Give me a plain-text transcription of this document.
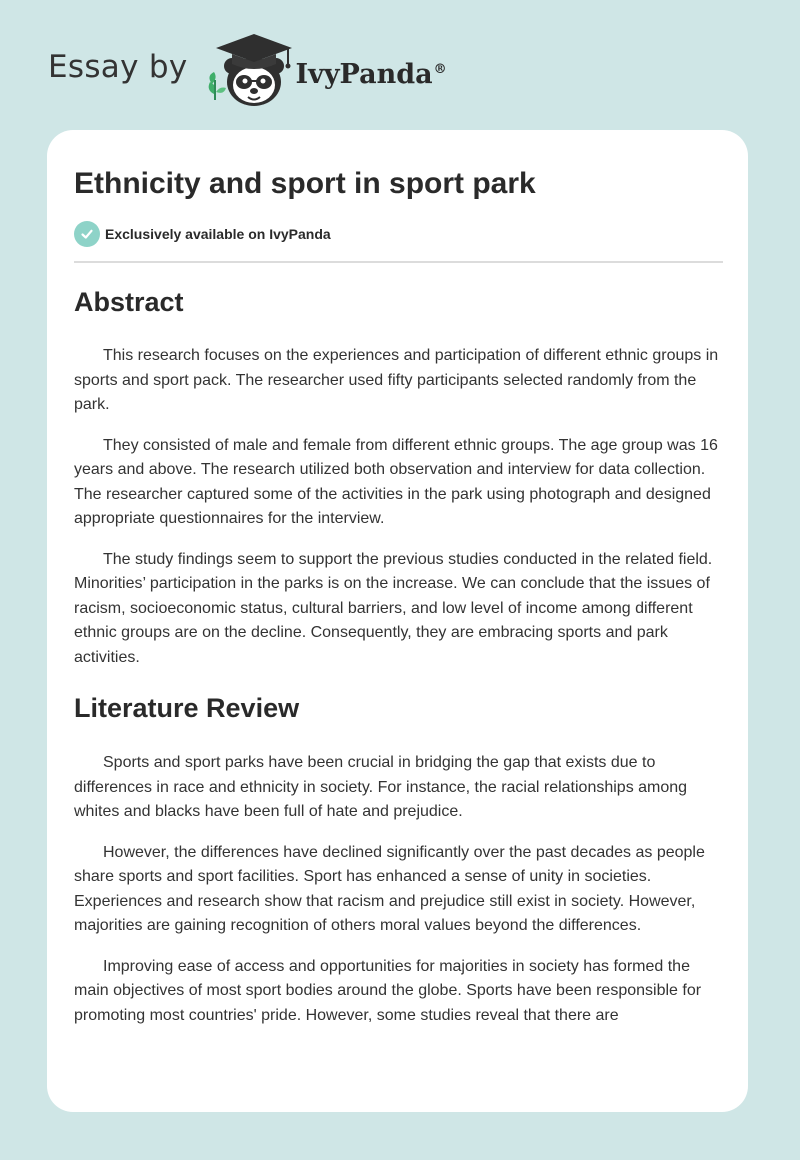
Essay by	IvyPanda®
Ethnicity and sport in sport park
Exclusively available on IvyPanda
Abstract

This research focuses on the experiences and participation of different ethnic groups in sports and sport pack. The researcher used fifty participants selected randomly from the park.

They consisted of male and female from different ethnic groups. The age group was 16 years and above. The research utilized both observation and interview for data collection. The researcher captured some of the activities in the park using photograph and designed appropriate questionnaires for the interview.

The study findings seem to support the previous studies conducted in the related field. Minorities’ participation in the parks is on the increase. We can conclude that the issues of racism, socioeconomic status, cultural barriers, and low level of income among different ethnic groups are on the decline. Consequently, they are embracing sports and park activities.

Literature Review

Sports and sport parks have been crucial in bridging the gap that exists due to differences in race and ethnicity in society. For instance, the racial relationships among whites and blacks have been full of hate and prejudice.

However, the differences have declined significantly over the past decades as people share sports and sport facilities. Sport has enhanced a sense of unity in societies. Experiences and research show that racism and prejudice still exist in society. However, majorities are gaining recognition of others moral values beyond the differences.

Improving ease of access and opportunities for majorities in society has formed the main objectives of most sport bodies around the globe. Sports have been responsible for promoting most countries' pride. However, some studies reveal that there are
